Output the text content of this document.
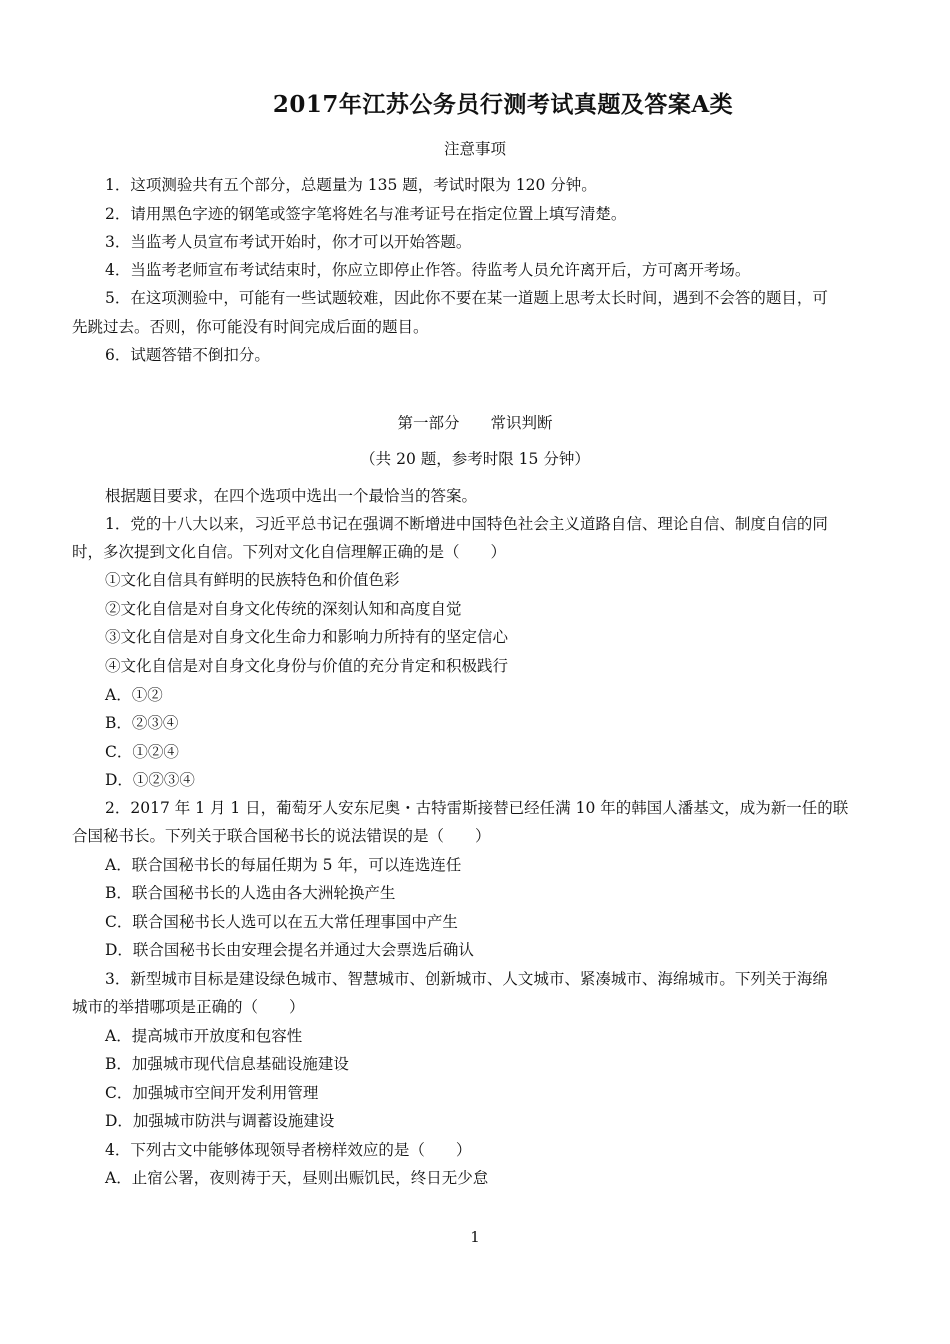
2017年江苏公务员行测考试真题及答案A类
注意事项
1．这项测验共有五个部分，总题量为 135 题，考试时限为 120 分钟。
2．请用黑色字迹的钢笔或签字笔将姓名与准考证号在指定位置上填写清楚。
3．当监考人员宣布考试开始时，你才可以开始答题。
4．当监考老师宣布考试结束时，你应立即停止作答。待监考人员允许离开后，方可离开考场。
5．在这项测验中，可能有一些试题较难，因此你不要在某一道题上思考太长时间，遇到不会答的题目，可
先跳过去。否则，你可能没有时间完成后面的题目。
6．试题答错不倒扣分。
第一部分　　常识判断
（共 20 题，参考时限 15 分钟）
根据题目要求，在四个选项中选出一个最恰当的答案。
1．党的十八大以来，习近平总书记在强调不断增进中国特色社会主义道路自信、理论自信、制度自信的同
时，多次提到文化自信。下列对文化自信理解正确的是（　　）
①文化自信具有鲜明的民族特色和价值色彩
②文化自信是对自身文化传统的深刻认知和高度自觉
③文化自信是对自身文化生命力和影响力所持有的坚定信心
④文化自信是对自身文化身份与价值的充分肯定和积极践行
A．①②
B．②③④
C．①②④
D．①②③④
2．2017 年 1 月 1 日，葡萄牙人安东尼奥・古特雷斯接替已经任满 10 年的韩国人潘基文，成为新一任的联
合国秘书长。下列关于联合国秘书长的说法错误的是（　　）
A．联合国秘书长的每届任期为 5 年，可以连选连任
B．联合国秘书长的人选由各大洲轮换产生
C．联合国秘书长人选可以在五大常任理事国中产生
D．联合国秘书长由安理会提名并通过大会票选后确认
3．新型城市目标是建设绿色城市、智慧城市、创新城市、人文城市、紧凑城市、海绵城市。下列关于海绵
城市的举措哪项是正确的（　　）
A．提高城市开放度和包容性
B．加强城市现代信息基础设施建设
C．加强城市空间开发利用管理
D．加强城市防洪与调蓄设施建设
4．下列古文中能够体现领导者榜样效应的是（　　）
A．止宿公署，夜则祷于天，昼则出赈饥民，终日无少怠
1
